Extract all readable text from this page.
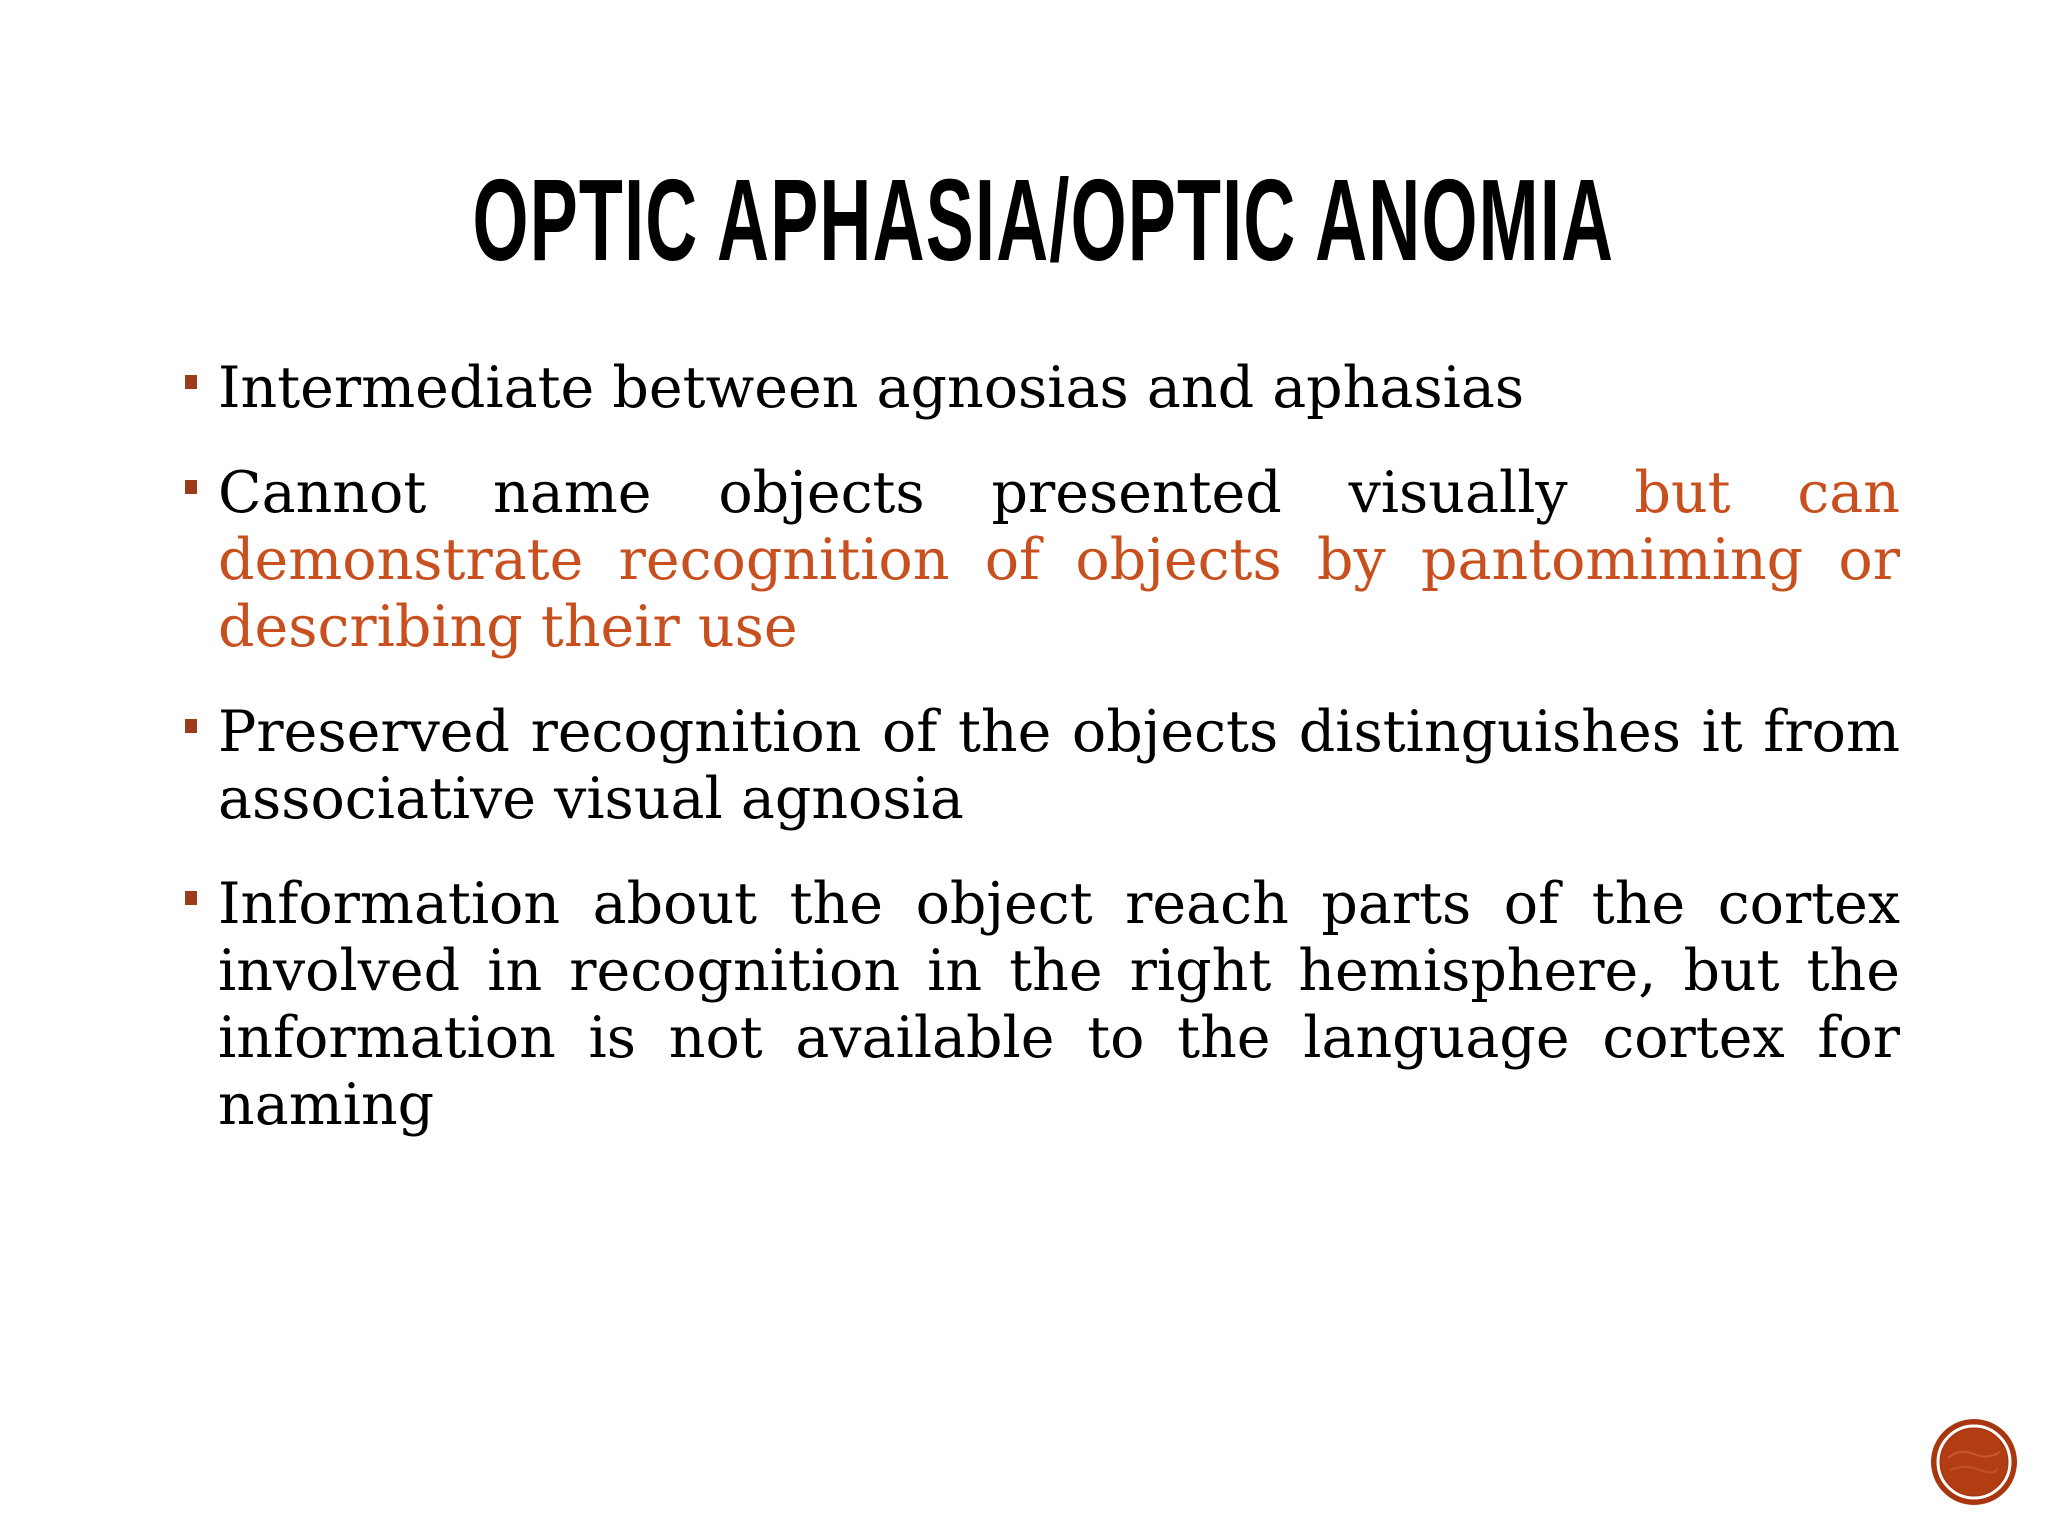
OPTIC APHASIA/OPTIC ANOMIA
Intermediate between agnosias and aphasias
Cannot name objects presented visually but can demonstrate recognition of objects by pantomiming or describing their use
Preserved recognition of the objects distinguishes it from associative visual agnosia
Information about the object reach parts of the cortex involved in recognition in the right hemisphere, but the information is not available to the language cortex for naming
